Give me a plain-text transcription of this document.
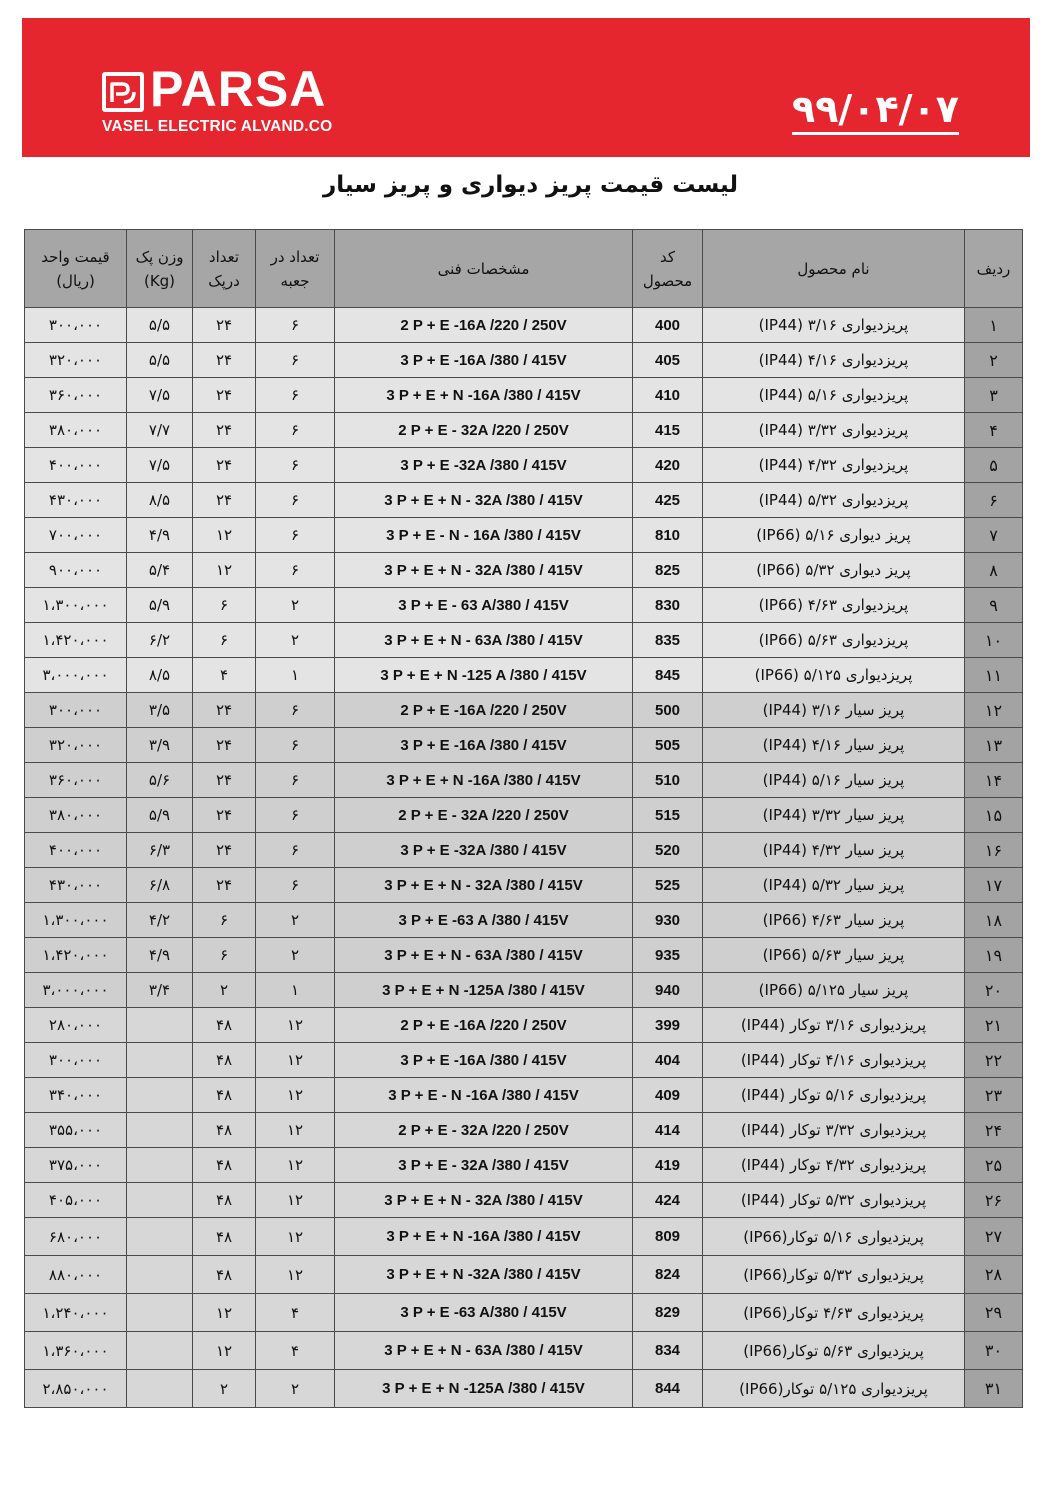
PARSA
VASEL ELECTRIC ALVAND.CO	۹۹/۰۴/۰۷
لیست قیمت پریز دیواری و پریز سیار
ردیف	نام محصول	کد محصول	مشخصات فنی	تعداد در جعبه	تعداد درپک	وزن پک (Kg)	قیمت واحد (ریال)
۱	پریزدیواری ۳/۱۶ (IP44)	400	2 P + E -16A /220 / 250V	۶	۲۴	۵/۵	۳۰۰،۰۰۰
۲	پریزدیواری ۴/۱۶ (IP44)	405	3 P + E -16A /380 / 415V	۶	۲۴	۵/۵	۳۲۰،۰۰۰
۳	پریزدیواری ۵/۱۶ (IP44)	410	3 P + E + N -16A /380 / 415V	۶	۲۴	۷/۵	۳۶۰،۰۰۰
۴	پریزدیواری ۳/۳۲ (IP44)	415	2 P + E - 32A /220 / 250V	۶	۲۴	۷/۷	۳۸۰،۰۰۰
۵	پریزدیواری ۴/۳۲ (IP44)	420	3 P + E -32A /380 / 415V	۶	۲۴	۷/۵	۴۰۰،۰۰۰
۶	پریزدیواری ۵/۳۲ (IP44)	425	3 P + E + N - 32A /380 / 415V	۶	۲۴	۸/۵	۴۳۰،۰۰۰
۷	پریز دیواری ۵/۱۶ (IP66)	810	3 P + E - N - 16A /380 / 415V	۶	۱۲	۴/۹	۷۰۰،۰۰۰
۸	پریز دیواری ۵/۳۲ (IP66)	825	3 P + E + N - 32A /380 / 415V	۶	۱۲	۵/۴	۹۰۰،۰۰۰
۹	پریزدیواری ۴/۶۳ (IP66)	830	3 P + E - 63 A/380 / 415V	۲	۶	۵/۹	۱،۳۰۰،۰۰۰
۱۰	پریزدیواری ۵/۶۳ (IP66)	835	3 P + E + N - 63A /380 / 415V	۲	۶	۶/۲	۱،۴۲۰،۰۰۰
۱۱	پریزدیواری ۵/۱۲۵ (IP66)	845	3 P + E + N -125 A /380 / 415V	۱	۴	۸/۵	۳،۰۰۰،۰۰۰
۱۲	پریز سیار ۳/۱۶ (IP44)	500	2 P + E -16A /220 / 250V	۶	۲۴	۳/۵	۳۰۰،۰۰۰
۱۳	پریز سیار ۴/۱۶ (IP44)	505	3 P + E -16A /380 / 415V	۶	۲۴	۳/۹	۳۲۰،۰۰۰
۱۴	پریز سیار ۵/۱۶ (IP44)	510	3 P + E + N -16A /380 / 415V	۶	۲۴	۵/۶	۳۶۰،۰۰۰
۱۵	پریز سیار ۳/۳۲ (IP44)	515	2 P + E - 32A /220 / 250V	۶	۲۴	۵/۹	۳۸۰،۰۰۰
۱۶	پریز سیار ۴/۳۲ (IP44)	520	3 P + E -32A /380 / 415V	۶	۲۴	۶/۳	۴۰۰،۰۰۰
۱۷	پریز سیار ۵/۳۲ (IP44)	525	3 P + E + N - 32A /380 / 415V	۶	۲۴	۶/۸	۴۳۰،۰۰۰
۱۸	پریز سیار ۴/۶۳ (IP66)	930	3 P + E -63 A /380 / 415V	۲	۶	۴/۲	۱،۳۰۰،۰۰۰
۱۹	پریز سیار ۵/۶۳ (IP66)	935	3 P + E + N - 63A /380 / 415V	۲	۶	۴/۹	۱،۴۲۰،۰۰۰
۲۰	پریز سیار ۵/۱۲۵ (IP66)	940	3 P + E + N -125A /380 / 415V	۱	۲	۳/۴	۳،۰۰۰،۰۰۰
۲۱	پریزدیواری ۳/۱۶ توکار (IP44)	399	2 P + E -16A /220 / 250V	۱۲	۴۸		۲۸۰،۰۰۰
۲۲	پریزدیواری ۴/۱۶ توکار (IP44)	404	3 P + E -16A /380 / 415V	۱۲	۴۸		۳۰۰،۰۰۰
۲۳	پریزدیواری ۵/۱۶ توکار (IP44)	409	3 P + E - N -16A /380 / 415V	۱۲	۴۸		۳۴۰،۰۰۰
۲۴	پریزدیواری ۳/۳۲ توکار (IP44)	414	2 P + E - 32A /220 / 250V	۱۲	۴۸		۳۵۵،۰۰۰
۲۵	پریزدیواری ۴/۳۲ توکار (IP44)	419	3 P + E - 32A /380 / 415V	۱۲	۴۸		۳۷۵،۰۰۰
۲۶	پریزدیواری ۵/۳۲ توکار (IP44)	424	3 P + E + N - 32A /380 / 415V	۱۲	۴۸		۴۰۵،۰۰۰
۲۷	پریزدیواری ۵/۱۶ توکار(IP66)	809	3 P + E + N -16A /380 / 415V	۱۲	۴۸		۶۸۰،۰۰۰
۲۸	پریزدیواری ۵/۳۲ توکار(IP66)	824	3 P + E + N -32A /380 / 415V	۱۲	۴۸		۸۸۰،۰۰۰
۲۹	پریزدیواری ۴/۶۳ توکار(IP66)	829	3 P + E -63 A/380 / 415V	۴	۱۲		۱،۲۴۰،۰۰۰
۳۰	پریزدیواری ۵/۶۳ توکار(IP66)	834	3 P + E + N - 63A /380 / 415V	۴	۱۲		۱،۳۶۰،۰۰۰
۳۱	پریزدیواری ۵/۱۲۵ توکار(IP66)	844	3 P + E + N -125A /380 / 415V	۲	۲		۲،۸۵۰،۰۰۰
